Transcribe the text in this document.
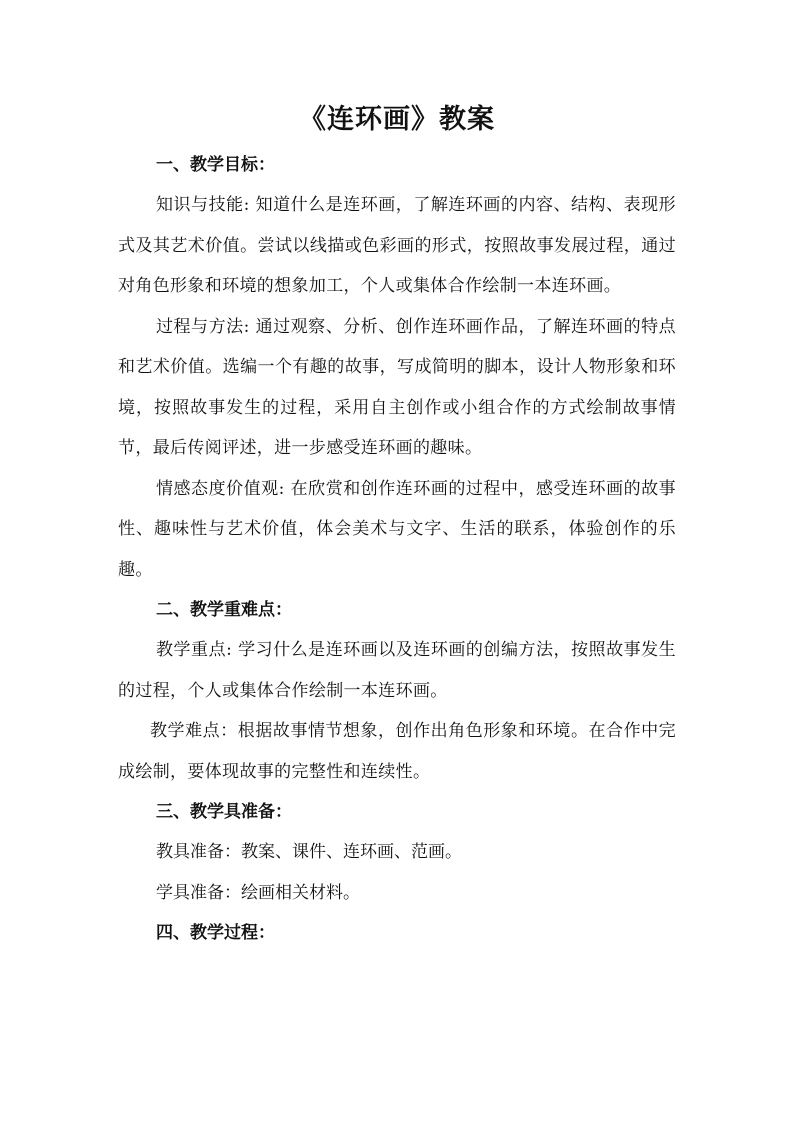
《连环画》教案

一、教学目标：

知识与技能: 知道什么是连环画，了解连环画的内容、结构、表现形式及其艺术价值。尝试以线描或色彩画的形式，按照故事发展过程，通过对角色形象和环境的想象加工，个人或集体合作绘制一本连环画。

过程与方法: 通过观察、分析、创作连环画作品，了解连环画的特点和艺术价值。选编一个有趣的故事，写成简明的脚本，设计人物形象和环境，按照故事发生的过程，采用自主创作或小组合作的方式绘制故事情节，最后传阅评述，进一步感受连环画的趣味。

情感态度价值观: 在欣赏和创作连环画的过程中，感受连环画的故事性、趣味性与艺术价值，体会美术与文字、生活的联系，体验创作的乐趣。

二、教学重难点：

教学重点: 学习什么是连环画以及连环画的创编方法，按照故事发生的过程，个人或集体合作绘制一本连环画。

教学难点：根据故事情节想象，创作出角色形象和环境。在合作中完成绘制，要体现故事的完整性和连续性。

三、教学具准备：

教具准备：教案、课件、连环画、范画。

学具准备：绘画相关材料。

四、教学过程：
